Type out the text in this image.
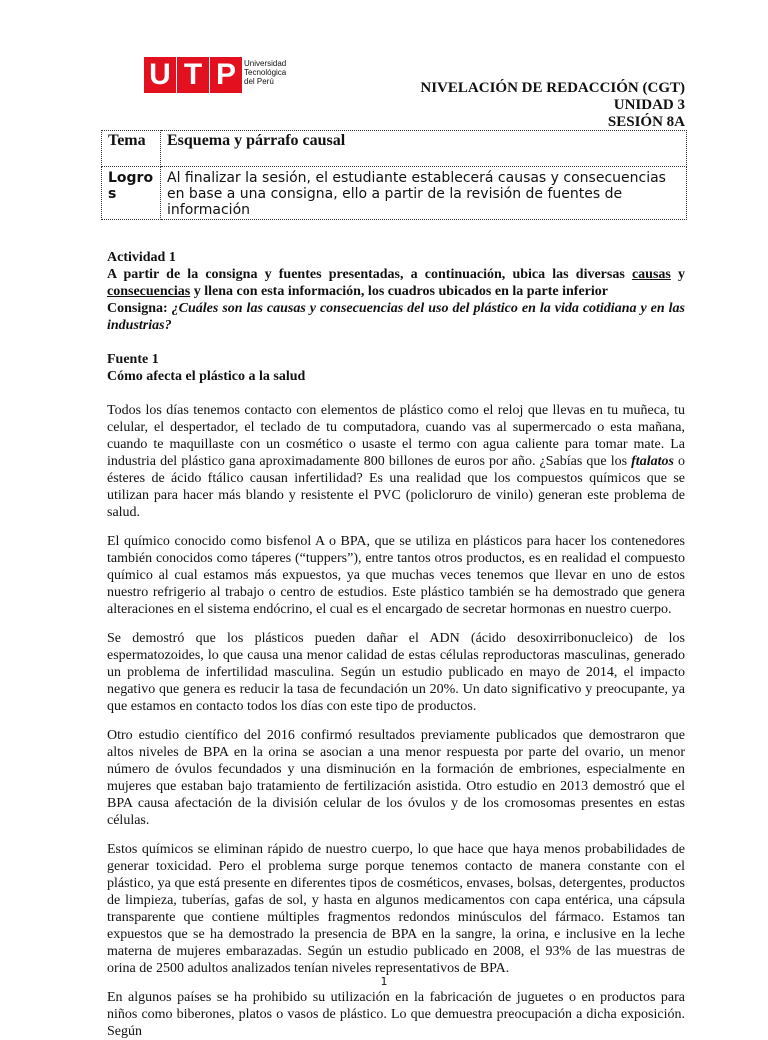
U T P	Universidad
Tecnológica
del Perú	NIVELACIÓN DE REDACCIÓN (CGT)
UNIDAD 3
SESIÓN 8A
Tema	Esquema y párrafo causal

Logro
s	Al finalizar la sesión, el estudiante establecerá causas y consecuencias en base a una consigna, ello a partir de la revisión de fuentes de información

Actividad 1

A partir de la consigna y fuentes presentadas, a continuación, ubica las diversas causas y consecuencias y llena con esta información, los cuadros ubicados en la parte inferior

Consigna: ¿Cuáles son las causas y consecuencias del uso del plástico en la vida cotidiana y en las industrias?

Fuente 1

Cómo afecta el plástico a la salud

Todos los días tenemos contacto con elementos de plástico como el reloj que llevas en tu muñeca, tu celular, el despertador, el teclado de tu computadora, cuando vas al supermercado o esta mañana, cuando te maquillaste con un cosmético o usaste el termo con agua caliente para tomar mate. La industria del plástico gana aproximadamente 800 billones de euros por año. ¿Sabías que los ftalatos o ésteres de ácido ftálico causan infertilidad? Es una realidad que los compuestos químicos que se utilizan para hacer más blando y resistente el PVC (policloruro de vinilo) generan este problema de salud.

El químico conocido como bisfenol A o BPA, que se utiliza en plásticos para hacer los contenedores también conocidos como táperes (“tuppers”), entre tantos otros productos, es en realidad el compuesto químico al cual estamos más expuestos, ya que muchas veces tenemos que llevar en uno de estos nuestro refrigerio al trabajo o centro de estudios. Este plástico también se ha demostrado que genera alteraciones en el sistema endócrino, el cual es el encargado de secretar hormonas en nuestro cuerpo.

Se demostró que los plásticos pueden dañar el ADN (ácido desoxirribonucleico) de los espermatozoides, lo que causa una menor calidad de estas células reproductoras masculinas, generado un problema de infertilidad masculina. Según un estudio publicado en mayo de 2014, el impacto negativo que genera es reducir la tasa de fecundación un 20%. Un dato significativo y preocupante, ya que estamos en contacto todos los días con este tipo de productos.

Otro estudio científico del 2016 confirmó resultados previamente publicados que demostraron que altos niveles de BPA en la orina se asocian a una menor respuesta por parte del ovario, un menor número de óvulos fecundados y una disminución en la formación de embriones, especialmente en mujeres que estaban bajo tratamiento de fertilización asistida. Otro estudio en 2013 demostró que el BPA causa afectación de la división celular de los óvulos y de los cromosomas presentes en estas células.

Estos químicos se eliminan rápido de nuestro cuerpo, lo que hace que haya menos probabilidades de generar toxicidad. Pero el problema surge porque tenemos contacto de manera constante con el plástico, ya que está presente en diferentes tipos de cosméticos, envases, bolsas, detergentes, productos de limpieza, tuberías, gafas de sol, y hasta en algunos medicamentos con capa entérica, una cápsula transparente que contiene múltiples fragmentos redondos minúsculos del fármaco. Estamos tan expuestos que se ha demostrado la presencia de BPA en la sangre, la orina, e inclusive en la leche materna de mujeres embarazadas. Según un estudio publicado en 2008, el 93% de las muestras de orina de 2500 adultos analizados tenían niveles representativos de BPA.

En algunos países se ha prohibido su utilización en la fabricación de juguetes o en productos para niños como biberones, platos o vasos de plástico. Lo que demuestra preocupación a dicha exposición. Según

1
